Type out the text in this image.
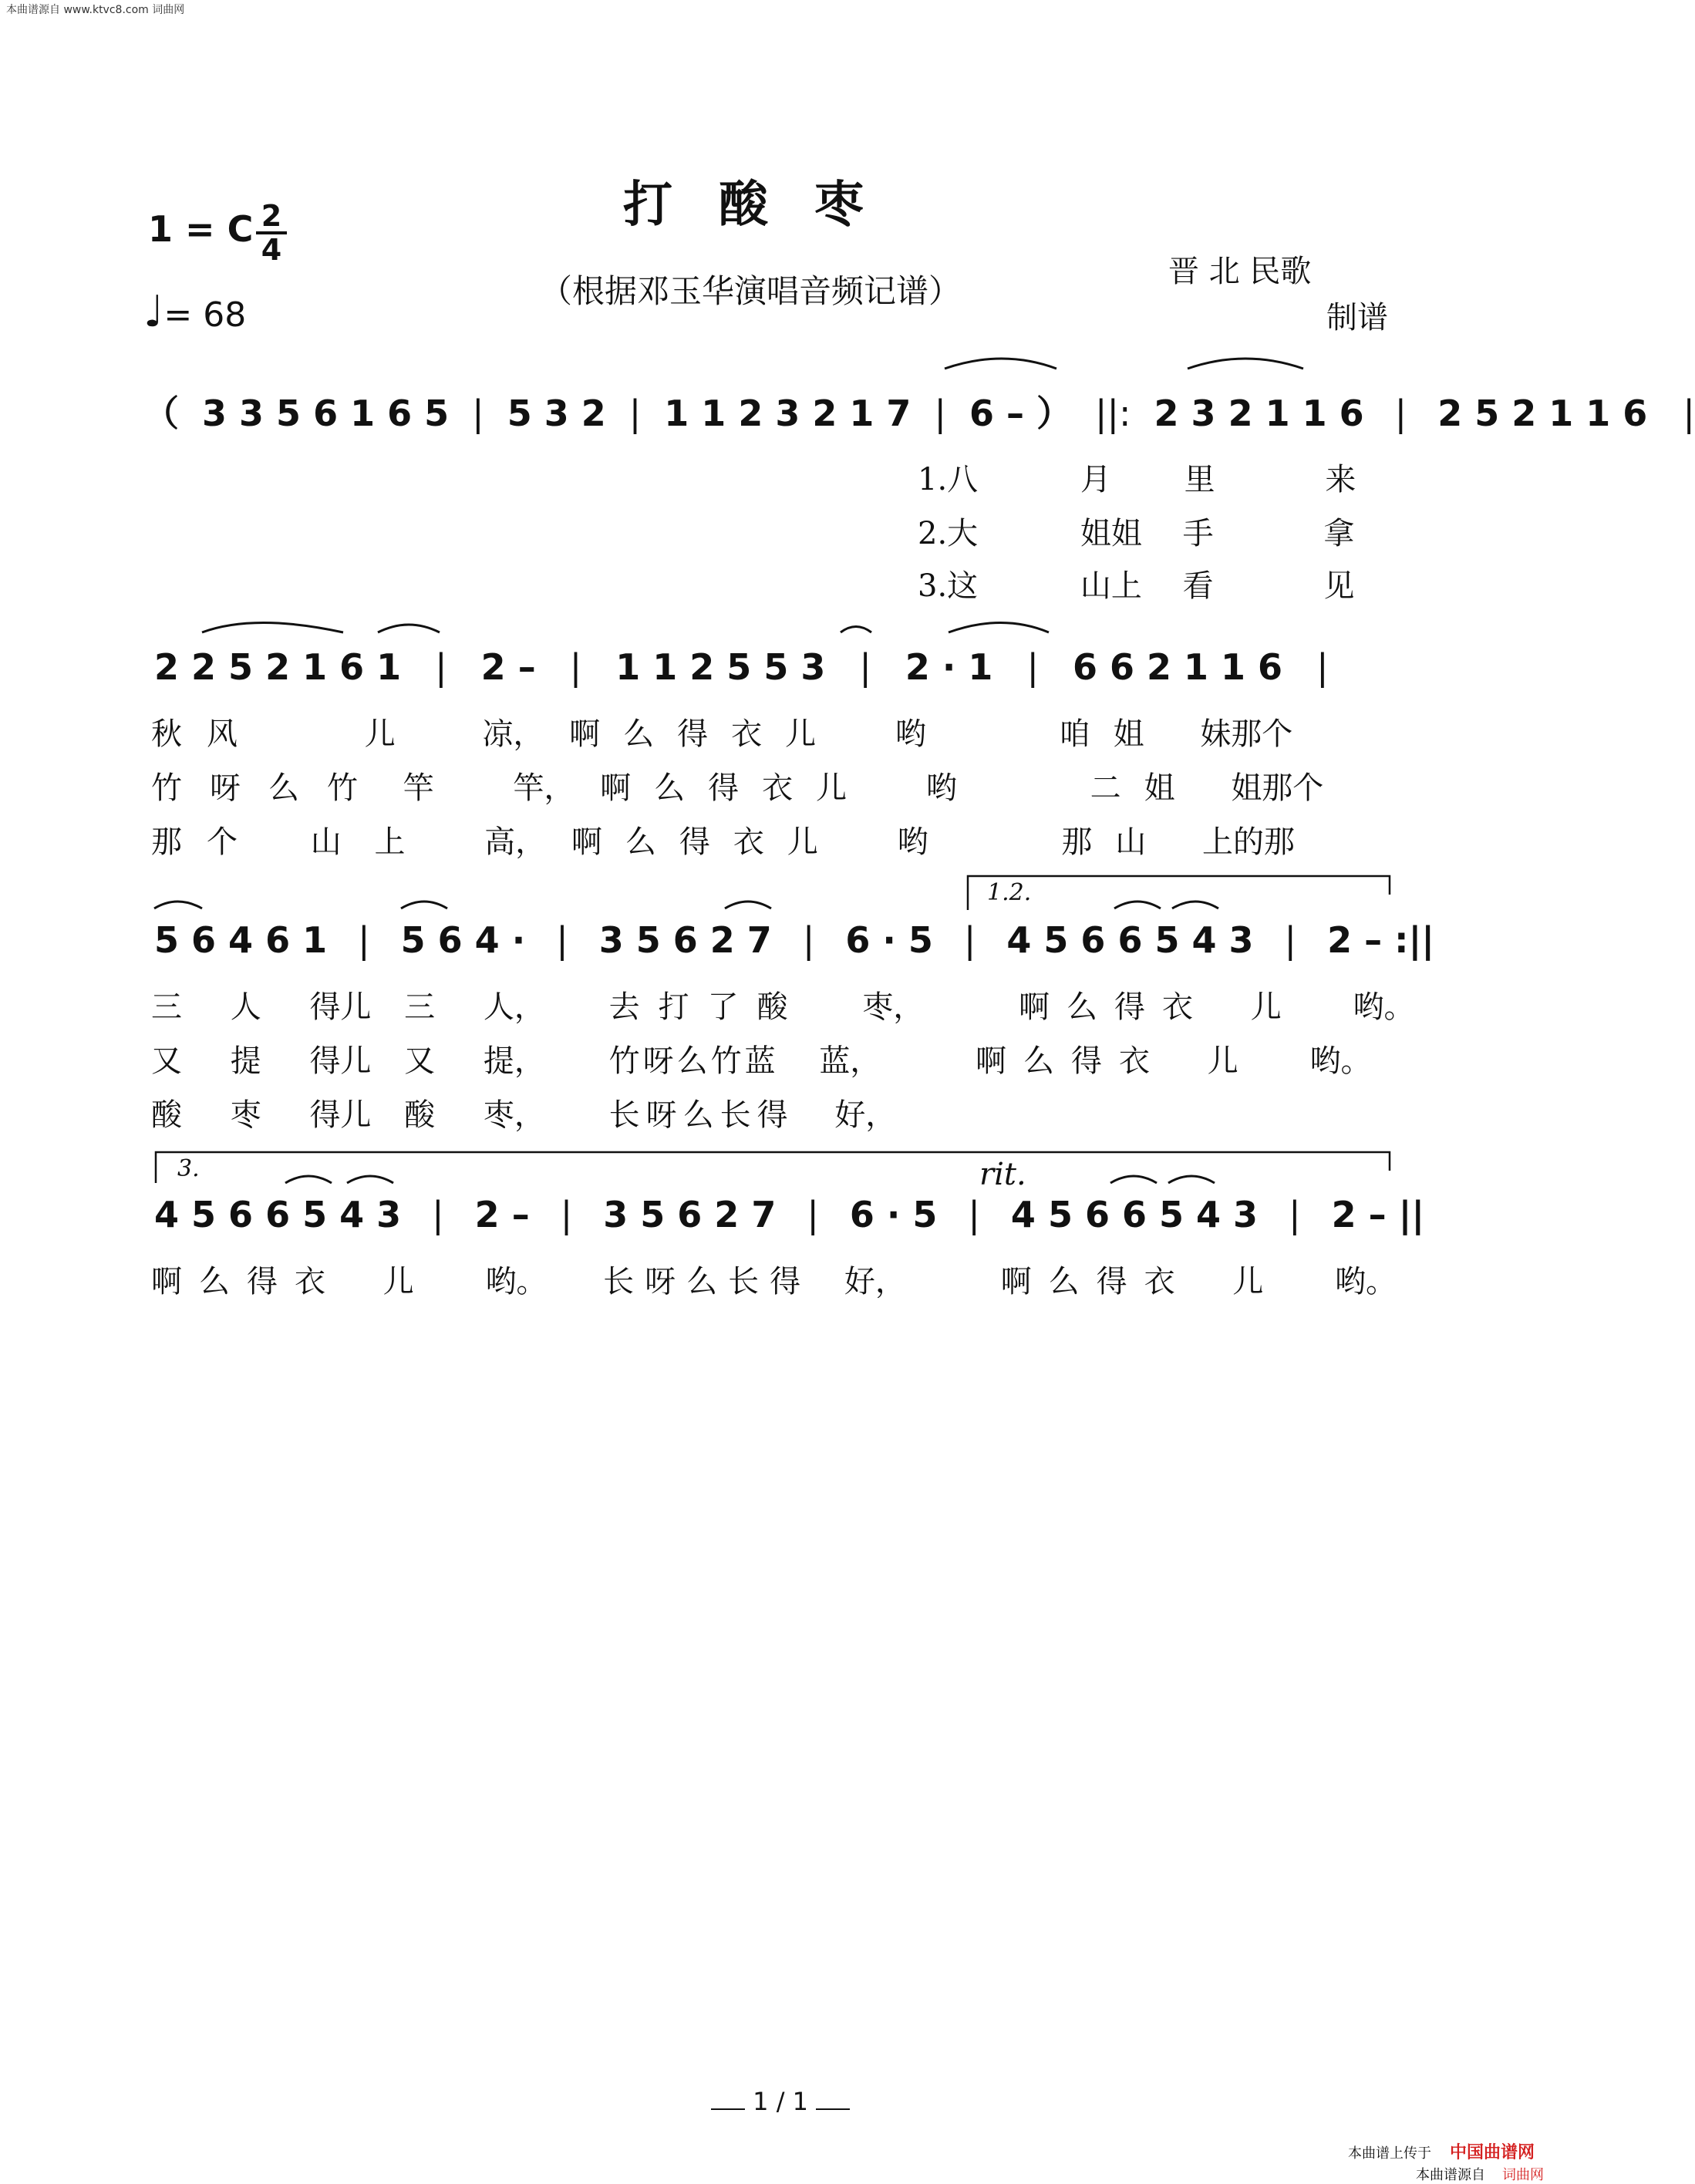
本曲谱源自 www.ktvc8.com 词曲网
打酸枣
（根据邓玉华演唱音频记谱）
1 = C 2
4
♩= 68
晋 北 民歌
制谱
（ 3 3 5 6 1 6 5 | 5 3 2 | 1 1 2 3 2 1 7 | 6 – ） ||: 2 3 2 1 1 6 | 2 5 2 1 1 6 |
1.八	月 里	来
2.大	姐姐 手	拿
3.这	山上 看	见
2 2 5 2 1 6 1 | 2 – | 1 1 2 5 5 3 | 2 · 1 | 6 6 2 1 1 6 |
秋风	儿	凉， 啊么得衣儿 哟	咱姐 妹那个
竹呀么竹 竿	竿， 啊么得衣儿 哟	二姐 姐那个
那个 山 上	高， 啊么得衣儿 哟	那山 上的那
1.2.
5 6 4 6 1 | 5 6 4 · | 3 5 6 2 7 | 6 · 5 | 4 5 6 6 5 4 3 | 2 – :||
三 人 得儿 三 人， 去打了酸 枣，	啊么得衣 儿 哟。
又 提 得儿 又 提， 竹呀么竹蓝 蓝，	啊么得衣 儿 哟。
酸 枣 得儿 酸 枣， 长呀么长得 好，
3.	rit.
4 5 6 6 5 4 3 | 2 – | 3 5 6 2 7 | 6 · 5 | 4 5 6 6 5 4 3 | 2 – ||
啊么得衣 儿 哟。 长呀么长得 好，	啊么得衣 儿 哟。
1 / 1
本曲谱上传于 中国曲谱网
本曲谱源自 词曲网
